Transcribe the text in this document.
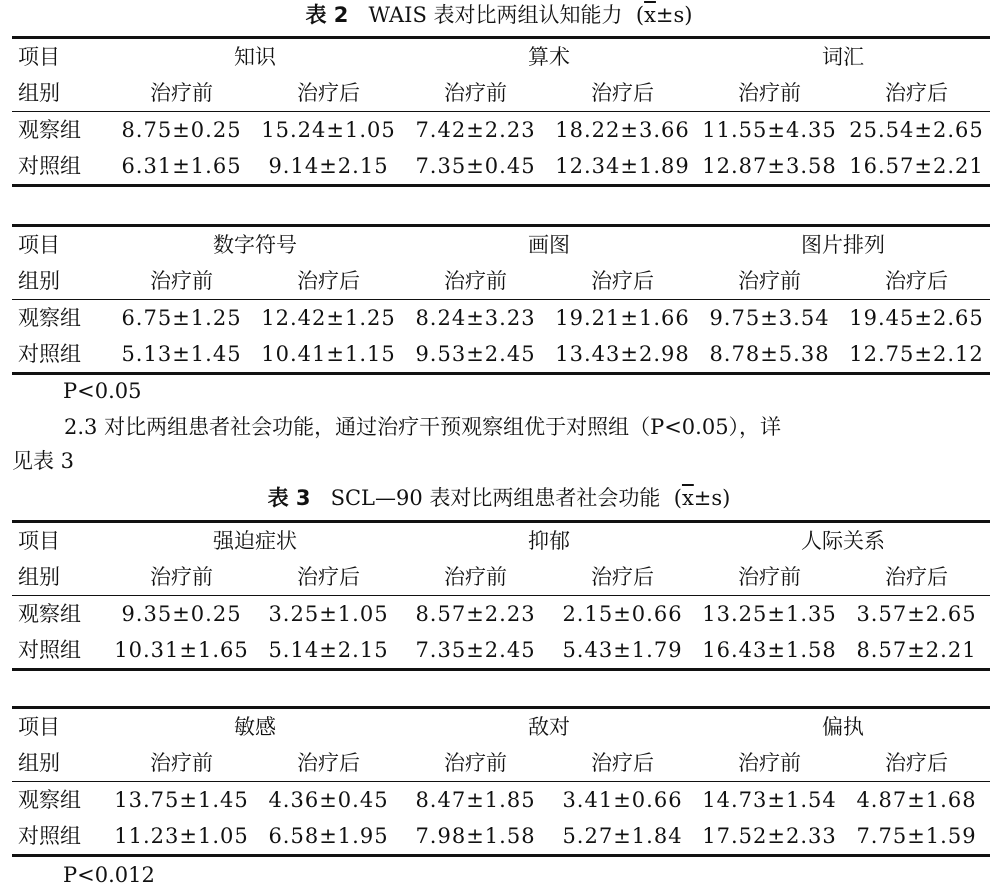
表 2 WAIS 表对比两组认知能力 $(\overline{x}\pm s)$
项目	知识		算术		词汇	
组别	治疗前	治疗后	治疗前	治疗后	治疗前	治疗后
观察组	8.75±0.25	15.24±1.05	7.42±2.23	18.22±3.66	11.55±4.35	25.54±2.65
对照组	6.31±1.65	9.14±2.15	7.35±0.45	12.34±1.89	12.87±3.58	16.57±2.21
项目	数字符号		画图		图片排列	
组别	治疗前	治疗后	治疗前	治疗后	治疗前	治疗后
观察组	6.75±1.25	12.42±1.25	8.24±3.23	19.21±1.66	9.75±3.54	19.45±2.65
对照组	5.13±1.45	10.41±1.15	9.53±2.45	13.43±2.98	8.78±5.38	12.75±2.12
P<0.05
2.3 对比两组患者社会功能，通过治疗干预观察组优于对照组（P<0.05），详
见表 3
表 3 SCL—90 表对比两组患者社会功能 $(\overline{x}\pm s)$
项目	强迫症状		抑郁		人际关系	
组别	治疗前	治疗后	治疗前	治疗后	治疗前	治疗后
观察组	9.35±0.25	3.25±1.05	8.57±2.23	2.15±0.66	13.25±1.35	3.57±2.65
对照组	10.31±1.65	5.14±2.15	7.35±2.45	5.43±1.79	16.43±1.58	8.57±2.21
项目	敏感		敌对		偏执	
组别	治疗前	治疗后	治疗前	治疗后	治疗前	治疗后
观察组	13.75±1.45	4.36±0.45	8.47±1.85	3.41±0.66	14.73±1.54	4.87±1.68
对照组	11.23±1.05	6.58±1.95	7.98±1.58	5.27±1.84	17.52±2.33	7.75±1.59
P<0.012
